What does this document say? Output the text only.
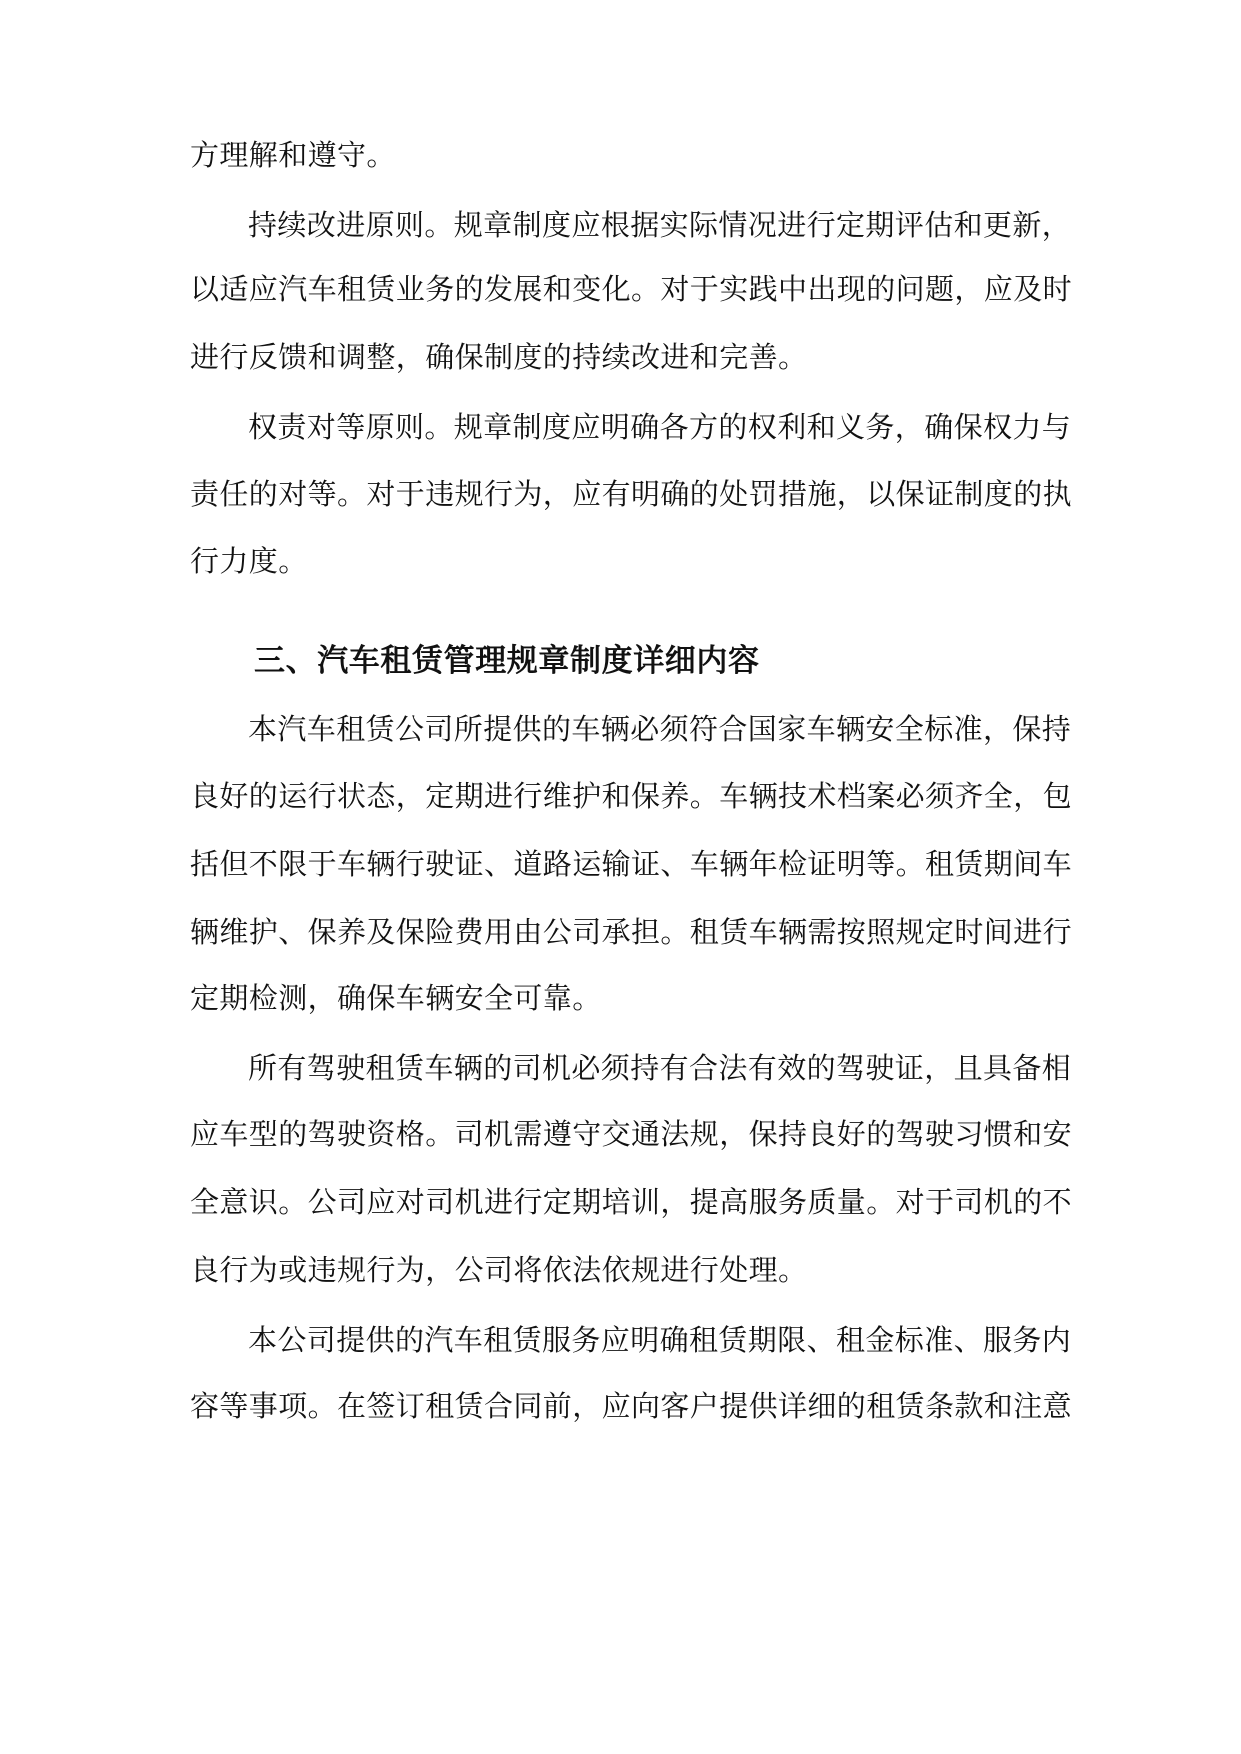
方理解和遵守。
持续改进原则。规章制度应根据实际情况进行定期评估和更新，
以适应汽车租赁业务的发展和变化。对于实践中出现的问题，应及时
进行反馈和调整，确保制度的持续改进和完善。
权责对等原则。规章制度应明确各方的权利和义务，确保权力与
责任的对等。对于违规行为，应有明确的处罚措施，以保证制度的执
行力度。
三、汽车租赁管理规章制度详细内容
本汽车租赁公司所提供的车辆必须符合国家车辆安全标准，保持
良好的运行状态，定期进行维护和保养。车辆技术档案必须齐全，包
括但不限于车辆行驶证、道路运输证、车辆年检证明等。租赁期间车
辆维护、保养及保险费用由公司承担。租赁车辆需按照规定时间进行
定期检测，确保车辆安全可靠。
所有驾驶租赁车辆的司机必须持有合法有效的驾驶证，且具备相
应车型的驾驶资格。司机需遵守交通法规，保持良好的驾驶习惯和安
全意识。公司应对司机进行定期培训，提高服务质量。对于司机的不
良行为或违规行为，公司将依法依规进行处理。
本公司提供的汽车租赁服务应明确租赁期限、租金标准、服务内
容等事项。在签订租赁合同前，应向客户提供详细的租赁条款和注意
